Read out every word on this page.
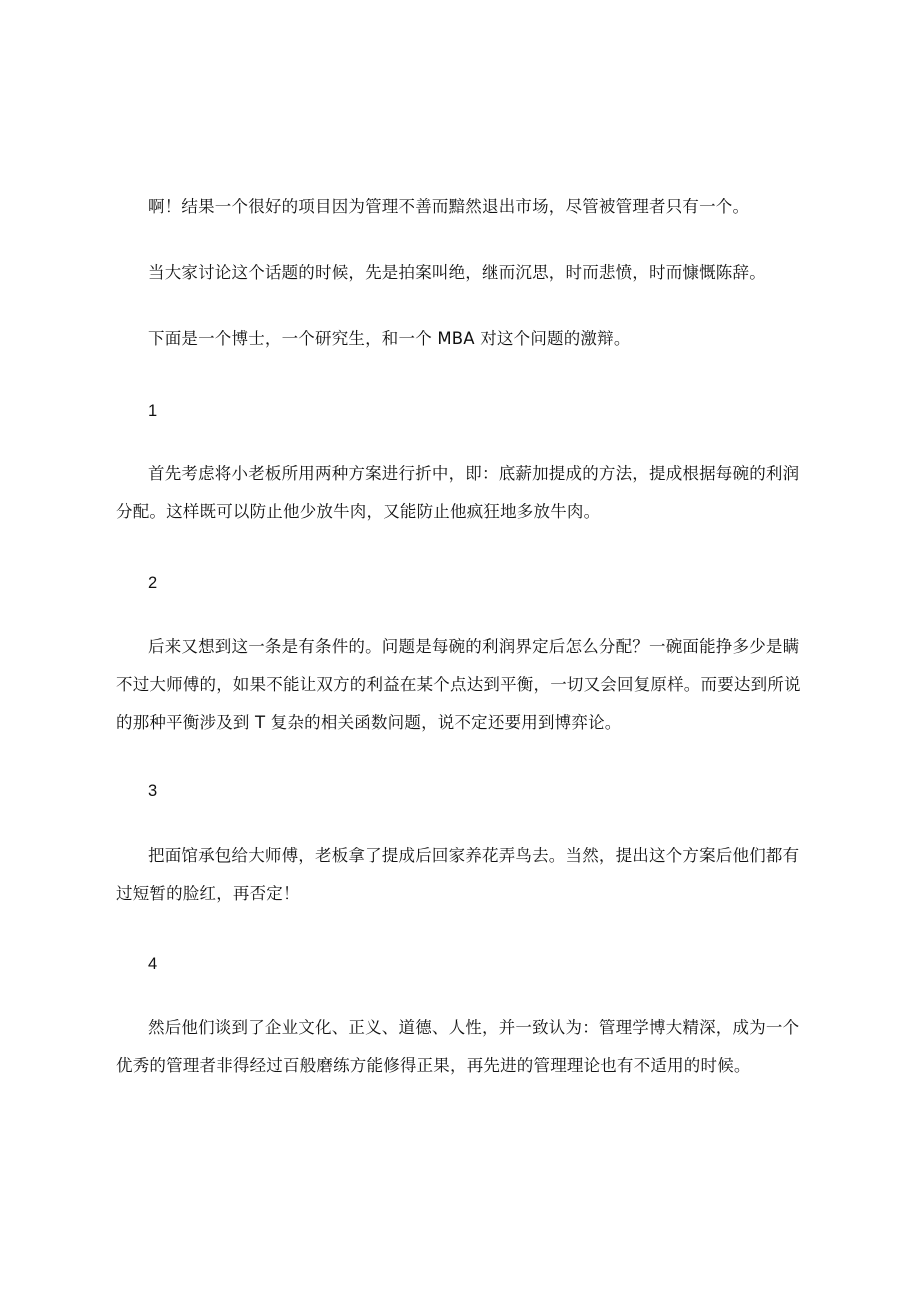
啊！结果一个很好的项目因为管理不善而黯然退出市场，尽管被管理者只有一个。
当大家讨论这个话题的时候，先是拍案叫绝，继而沉思，时而悲愤，时而慷慨陈辞。
下面是一个博士，一个研究生，和一个 MBA 对这个问题的激辩。
1
首先考虑将小老板所用两种方案进行折中，即：底薪加提成的方法，提成根据每碗的利润
分配。这样既可以防止他少放牛肉，又能防止他疯狂地多放牛肉。
2
后来又想到这一条是有条件的。问题是每碗的利润界定后怎么分配？一碗面能挣多少是瞒
不过大师傅的，如果不能让双方的利益在某个点达到平衡，一切又会回复原样。而要达到所说
的那种平衡涉及到 T 复杂的相关函数问题，说不定还要用到博弈论。
3
把面馆承包给大师傅，老板拿了提成后回家养花弄鸟去。当然，提出这个方案后他们都有
过短暂的脸红，再否定！
4
然后他们谈到了企业文化、正义、道德、人性，并一致认为：管理学博大精深，成为一个
优秀的管理者非得经过百般磨练方能修得正果，再先进的管理理论也有不适用的时候。
